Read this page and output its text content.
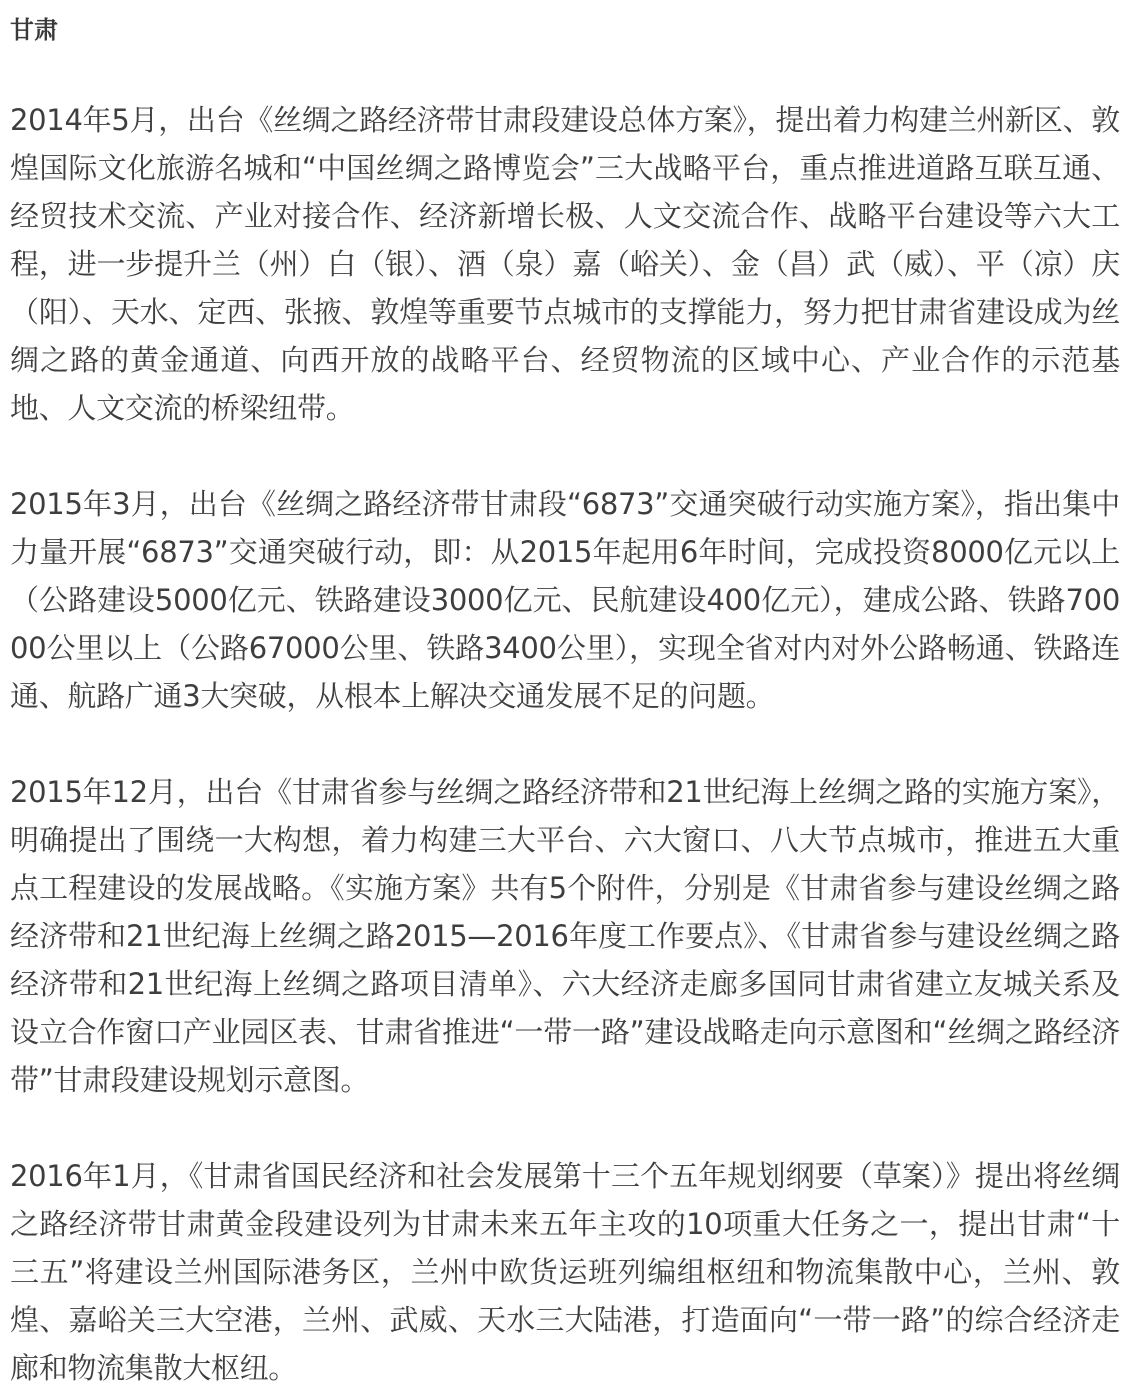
甘肃

2014年5月，出台《丝绸之路经济带甘肃段建设总体方案》，提出着力构建兰州新区、敦煌国际文化旅游名城和“中国丝绸之路博览会”三大战略平台，重点推进道路互联互通、经贸技术交流、产业对接合作、经济新增长极、人文交流合作、战略平台建设等六大工程，进一步提升兰（州）白（银）、酒（泉）嘉（峪关）、金（昌）武（威）、平（凉）庆（阳）、天水、定西、张掖、敦煌等重要节点城市的支撑能力，努力把甘肃省建设成为丝绸之路的黄金通道、向西开放的战略平台、经贸物流的区域中心、产业合作的示范基地、人文交流的桥梁纽带。

2015年3月，出台《丝绸之路经济带甘肃段“6873”交通突破行动实施方案》，指出集中力量开展“6873”交通突破行动，即：从2015年起用6年时间，完成投资8000亿元以上（公路建设5000亿元、铁路建设3000亿元、民航建设400亿元），建成公路、铁路70000公里以上（公路67000公里、铁路3400公里），实现全省对内对外公路畅通、铁路连通、航路广通3大突破，从根本上解决交通发展不足的问题。

2015年12月，出台《甘肃省参与丝绸之路经济带和21世纪海上丝绸之路的实施方案》，明确提出了围绕一大构想，着力构建三大平台、六大窗口、八大节点城市，推进五大重点工程建设的发展战略。《实施方案》共有5个附件，分别是《甘肃省参与建设丝绸之路经济带和21世纪海上丝绸之路2015—2016年度工作要点》、《甘肃省参与建设丝绸之路经济带和21世纪海上丝绸之路项目清单》、六大经济走廊多国同甘肃省建立友城关系及设立合作窗口产业园区表、甘肃省推进“一带一路”建设战略走向示意图和“丝绸之路经济带”甘肃段建设规划示意图。

2016年1月，《甘肃省国民经济和社会发展第十三个五年规划纲要（草案）》提出将丝绸之路经济带甘肃黄金段建设列为甘肃未来五年主攻的10项重大任务之一，提出甘肃“十三五”将建设兰州国际港务区，兰州中欧货运班列编组枢纽和物流集散中心，兰州、敦煌、嘉峪关三大空港，兰州、武威、天水三大陆港，打造面向“一带一路”的综合经济走廊和物流集散大枢纽。
